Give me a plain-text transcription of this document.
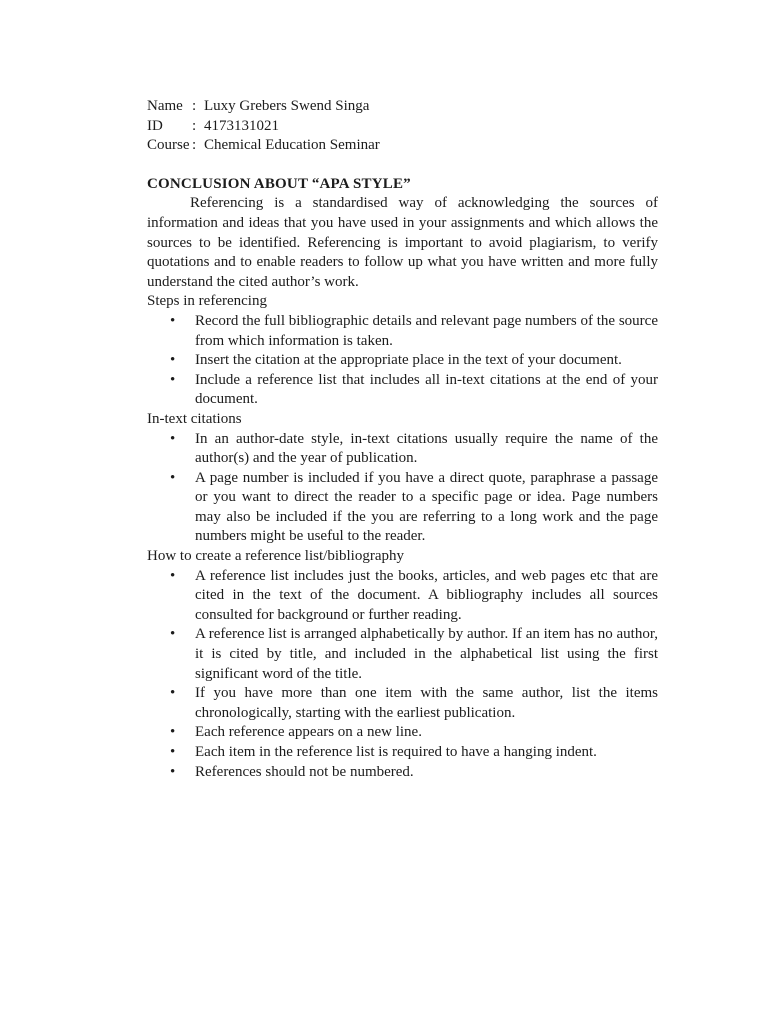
Name : Luxy Grebers Swend Singa
ID	: 4173131021
Course : Chemical Education Seminar
CONCLUSION ABOUT “APA STYLE”

Referencing is a standardised way of acknowledging the sources of information and ideas that you have used in your assignments and which allows the sources to be identified. Referencing is important to avoid plagiarism, to verify quotations and to enable readers to follow up what you have written and more fully understand the cited author’s work.

Steps in referencing
•	Record the full bibliographic details and relevant page numbers of the source from which information is taken.
•	Insert the citation at the appropriate place in the text of your document.
•	Include a reference list that includes all in-text citations at the end of your document.
In-text citations
•	In an author-date style, in-text citations usually require the name of the author(s) and the year of publication.
•	A page number is included if you have a direct quote, paraphrase a passage or you want to direct the reader to a specific page or idea. Page numbers may also be included if the you are referring to a long work and the page numbers might be useful to the reader.
How to create a reference list/bibliography
•	A reference list includes just the books, articles, and web pages etc that are cited in the text of the document. A bibliography includes all sources consulted for background or further reading.
•	A reference list is arranged alphabetically by author. If an item has no author, it is cited by title, and included in the alphabetical list using the first significant word of the title.
•	If you have more than one item with the same author, list the items chronologically, starting with the earliest publication.
•	Each reference appears on a new line.
•	Each item in the reference list is required to have a hanging indent.
•	References should not be numbered.
